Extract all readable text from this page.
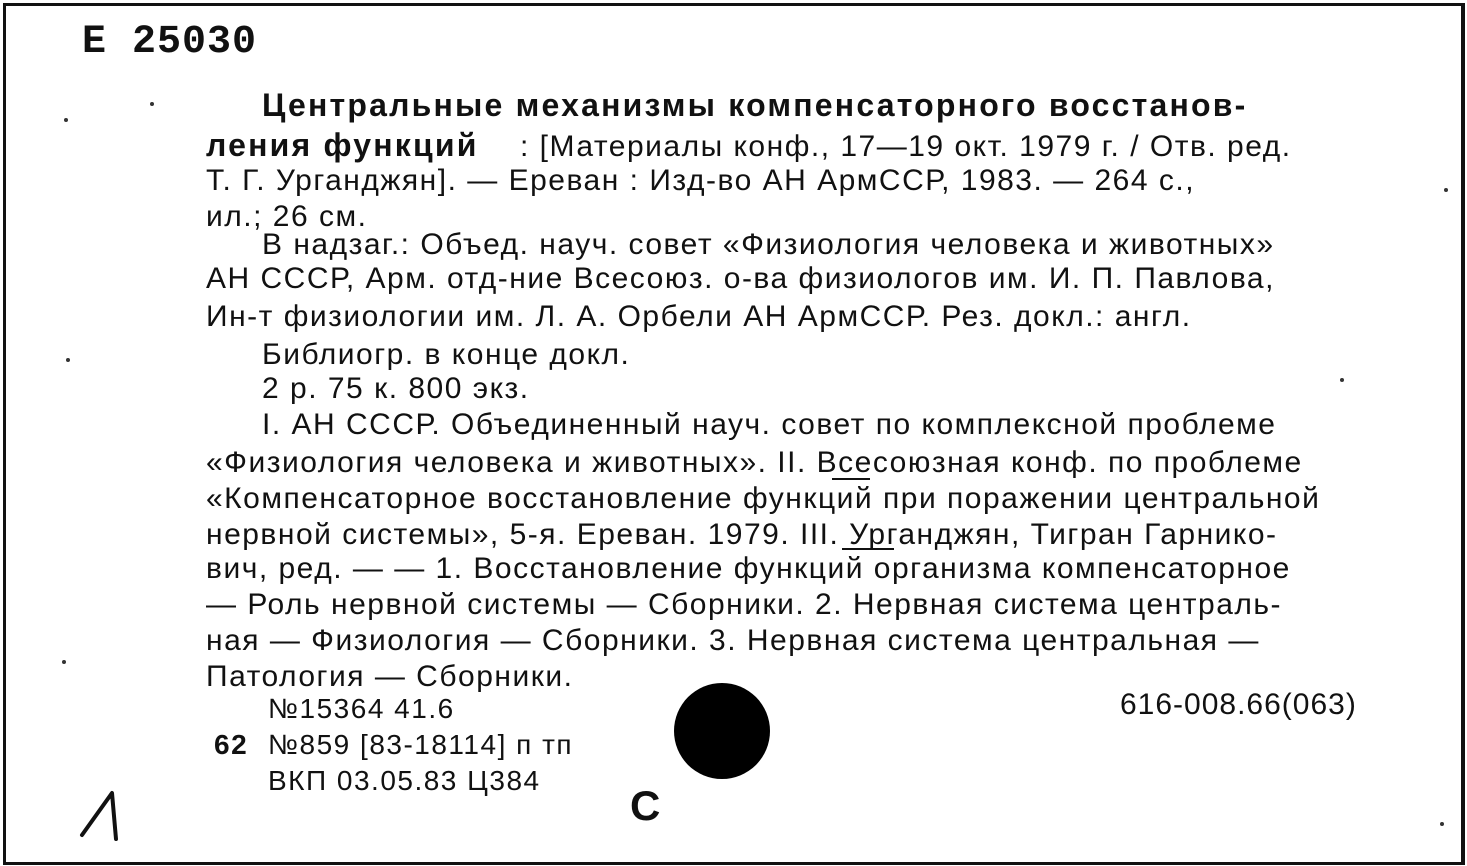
Е 25030
Центральные механизмы компенсаторного восстанов-
ления функций : [Материалы конф., 17—19 окт. 1979 г. / Отв. ред.
Т. Г. Урганджян]. — Ереван : Изд-во АН АрмССР, 1983. — 264 с.,
ил.; 26 см.
В надзаг.: Объед. науч. совет «Физиология человека и животных»
АН СССР, Арм. отд-ние Всесоюз. о-ва физиологов им. И. П. Павлова,
Ин-т физиологии им. Л. А. Орбели АН АрмССР. Рез. докл.: англ.
Библиогр. в конце докл.
2 р. 75 к. 800 экз.
I. АН СССР. Объединенный науч. совет по комплексной проблеме
«Физиология человека и животных». II. Всесоюзная конф. по проблеме
«Компенсаторное восстановление функций при поражении центральной
нервной системы», 5-я. Ереван. 1979. III. Урганджян, Тигран Гарнико-
вич, ред. — — 1. Восстановление функций организма компенсаторное
— Роль нервной системы — Сборники. 2. Нервная система централь-
ная — Физиология — Сборники. 3. Нервная система центральная —
Патология — Сборники.
616-008.66(063)
№15364 41.6
62 №859 [83-18114] п тп
ВКП 03.05.83 Ц384
С
